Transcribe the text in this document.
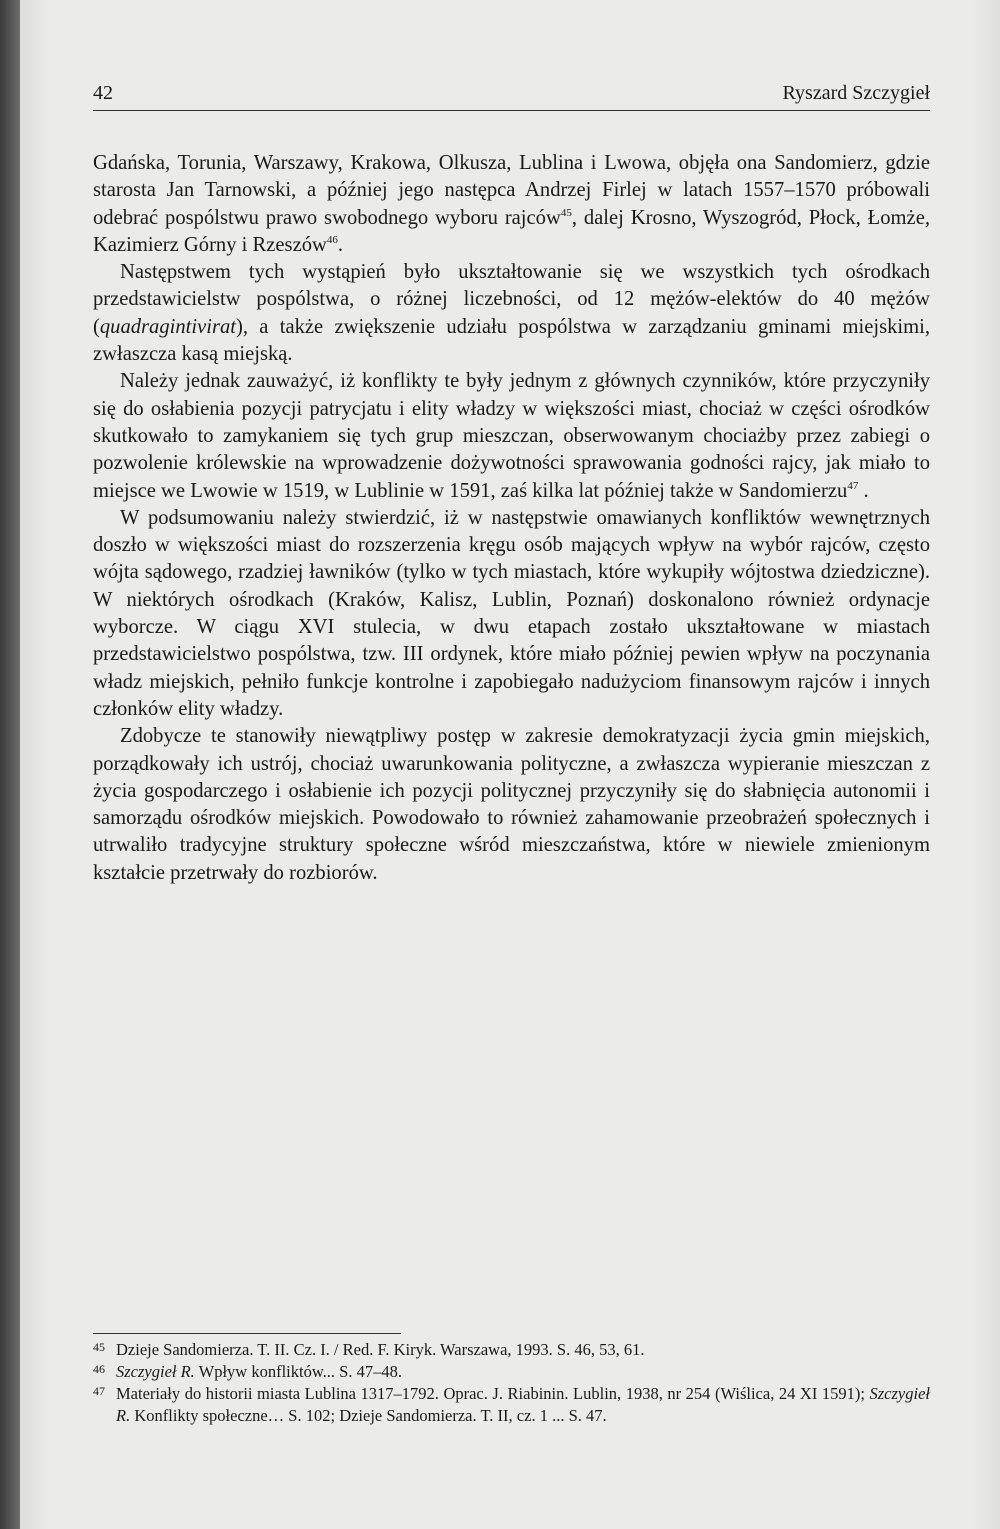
42	Ryszard Szczygieł

Gdańska, Torunia, Warszawy, Krakowa, Olkusza, Lublina i Lwowa, objęła ona Sandomierz, gdzie starosta Jan Tarnowski, a później jego następca Andrzej Firlej w latach 1557–1570 próbowali odebrać pospólstwu prawo swobodnego wyboru rajców$^{45}$, dalej Krosno, Wyszogród, Płock, Łomże, Kazimierz Górny i Rzeszów$^{46}$.

Następstwem tych wystąpień było ukształtowanie się we wszystkich tych ośrodkach przedstawicielstw pospólstwa, o różnej liczebności, od 12 mężów-elektów do 40 mężów (quadragintivirat), a także zwiększenie udziału pospólstwa w zarządzaniu gminami miejskimi, zwłaszcza kasą miejską.

Należy jednak zauważyć, iż konflikty te były jednym z głównych czynników, które przyczyniły się do osłabienia pozycji patrycjatu i elity władzy w większości miast, chociaż w części ośrodków skutkowało to zamykaniem się tych grup mieszczan, obserwowanym chociażby przez zabiegi o pozwolenie królewskie na wprowadzenie dożywotności sprawowania godności rajcy, jak miało to miejsce we Lwowie w 1519, w Lublinie w 1591, zaś kilka lat później także w Sandomierzu$^{47}$ .

W podsumowaniu należy stwierdzić, iż w następstwie omawianych konfliktów wewnętrznych doszło w większości miast do rozszerzenia kręgu osób mających wpływ na wybór rajców, często wójta sądowego, rzadziej ławników (tylko w tych miastach, które wykupiły wójtostwa dziedziczne). W niektórych ośrodkach (Kraków, Kalisz, Lublin, Poznań) doskonalono również ordynacje wyborcze. W ciągu XVI stulecia, w dwu etapach zostało ukształtowane w miastach przedstawicielstwo pospólstwa, tzw. III ordynek, które miało później pewien wpływ na poczynania władz miejskich, pełniło funkcje kontrolne i zapobiegało nadużyciom finansowym rajców i innych członków elity władzy.

Zdobycze te stanowiły niewątpliwy postęp w zakresie demokratyzacji życia gmin miejskich, porządkowały ich ustrój, chociaż uwarunkowania polityczne, a zwłaszcza wypieranie mieszczan z życia gospodarczego i osłabienie ich pozycji politycznej przyczyniły się do słabnięcia autonomii i samorządu ośrodków miejskich. Powodowało to również zahamowanie przeobrażeń społecznych i utrwaliło tradycyjne struktury społeczne wśród mieszczaństwa, które w niewiele zmienionym kształcie przetrwały do rozbiorów.

45 Dzieje Sandomierza. T. II. Cz. I. / Red. F. Kiryk. Warszawa, 1993. S. 46, 53, 61.
46 Szczygieł R. Wpływ konfliktów... S. 47–48.
47 Materiały do historii miasta Lublina 1317–1792. Oprac. J. Riabinin. Lublin, 1938, nr 254 (Wiślica, 24 XI 1591); Szczygieł R. Konflikty społeczne… S. 102; Dzieje Sandomierza. T. II, cz. 1 ... S. 47.
